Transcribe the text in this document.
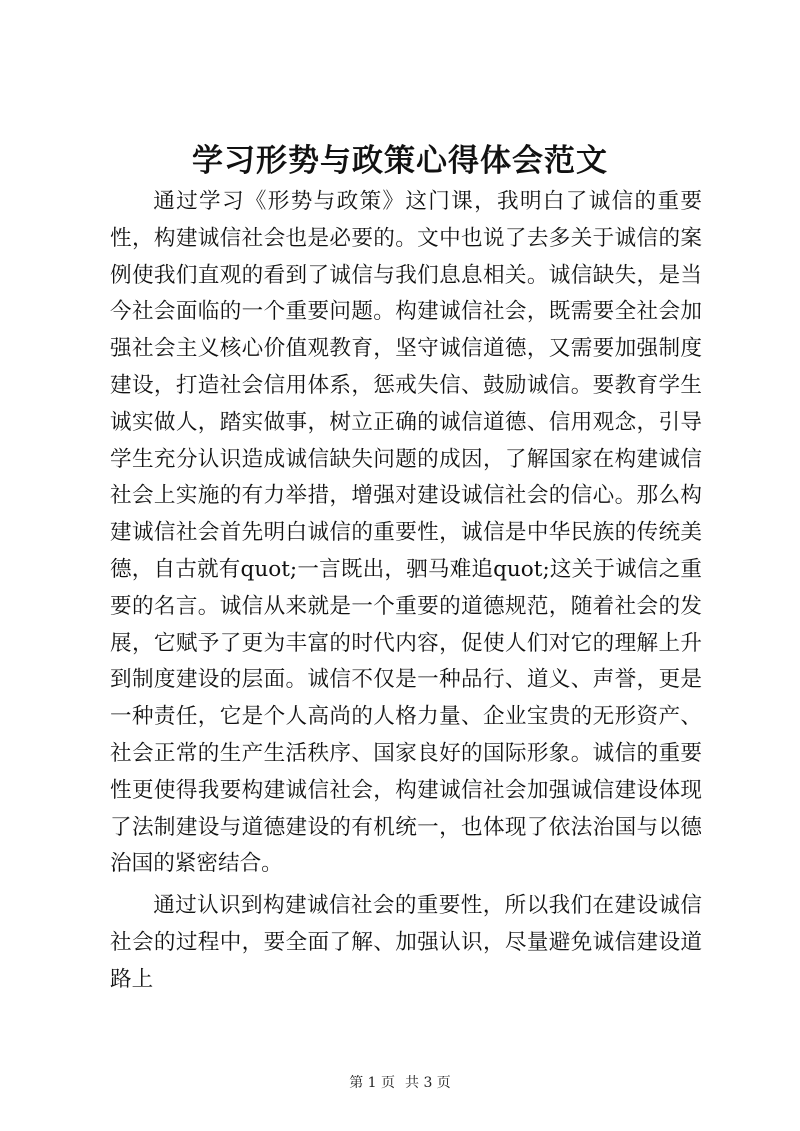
学习形势与政策心得体会范文

通过学习《形势与政策》这门课，我明白了诚信的重要性，构建诚信社会也是必要的。文中也说了去多关于诚信的案例使我们直观的看到了诚信与我们息息相关。诚信缺失，是当今社会面临的一个重要问题。构建诚信社会，既需要全社会加强社会主义核心价值观教育，坚守诚信道德，又需要加强制度建设，打造社会信用体系，惩戒失信、鼓励诚信。要教育学生诚实做人，踏实做事，树立正确的诚信道德、信用观念，引导学生充分认识造成诚信缺失问题的成因，了解国家在构建诚信社会上实施的有力举措，增强对建设诚信社会的信心。那么构建诚信社会首先明白诚信的重要性，诚信是中华民族的传统美德，自古就有quot;一言既出，驷马难追quot;这关于诚信之重要的名言。诚信从来就是一个重要的道德规范，随着社会的发展，它赋予了更为丰富的时代内容，促使人们对它的理解上升到制度建设的层面。诚信不仅是一种品行、道义、声誉，更是一种责任，它是个人高尚的人格力量、企业宝贵的无形资产、社会正常的生产生活秩序、国家良好的国际形象。诚信的重要性更使得我要构建诚信社会，构建诚信社会加强诚信建设体现了法制建设与道德建设的有机统一，也体现了依法治国与以德治国的紧密结合。

通过认识到构建诚信社会的重要性，所以我们在建设诚信社会的过程中，要全面了解、加强认识，尽量避免诚信建设道路上

第 1 页 共 3 页
